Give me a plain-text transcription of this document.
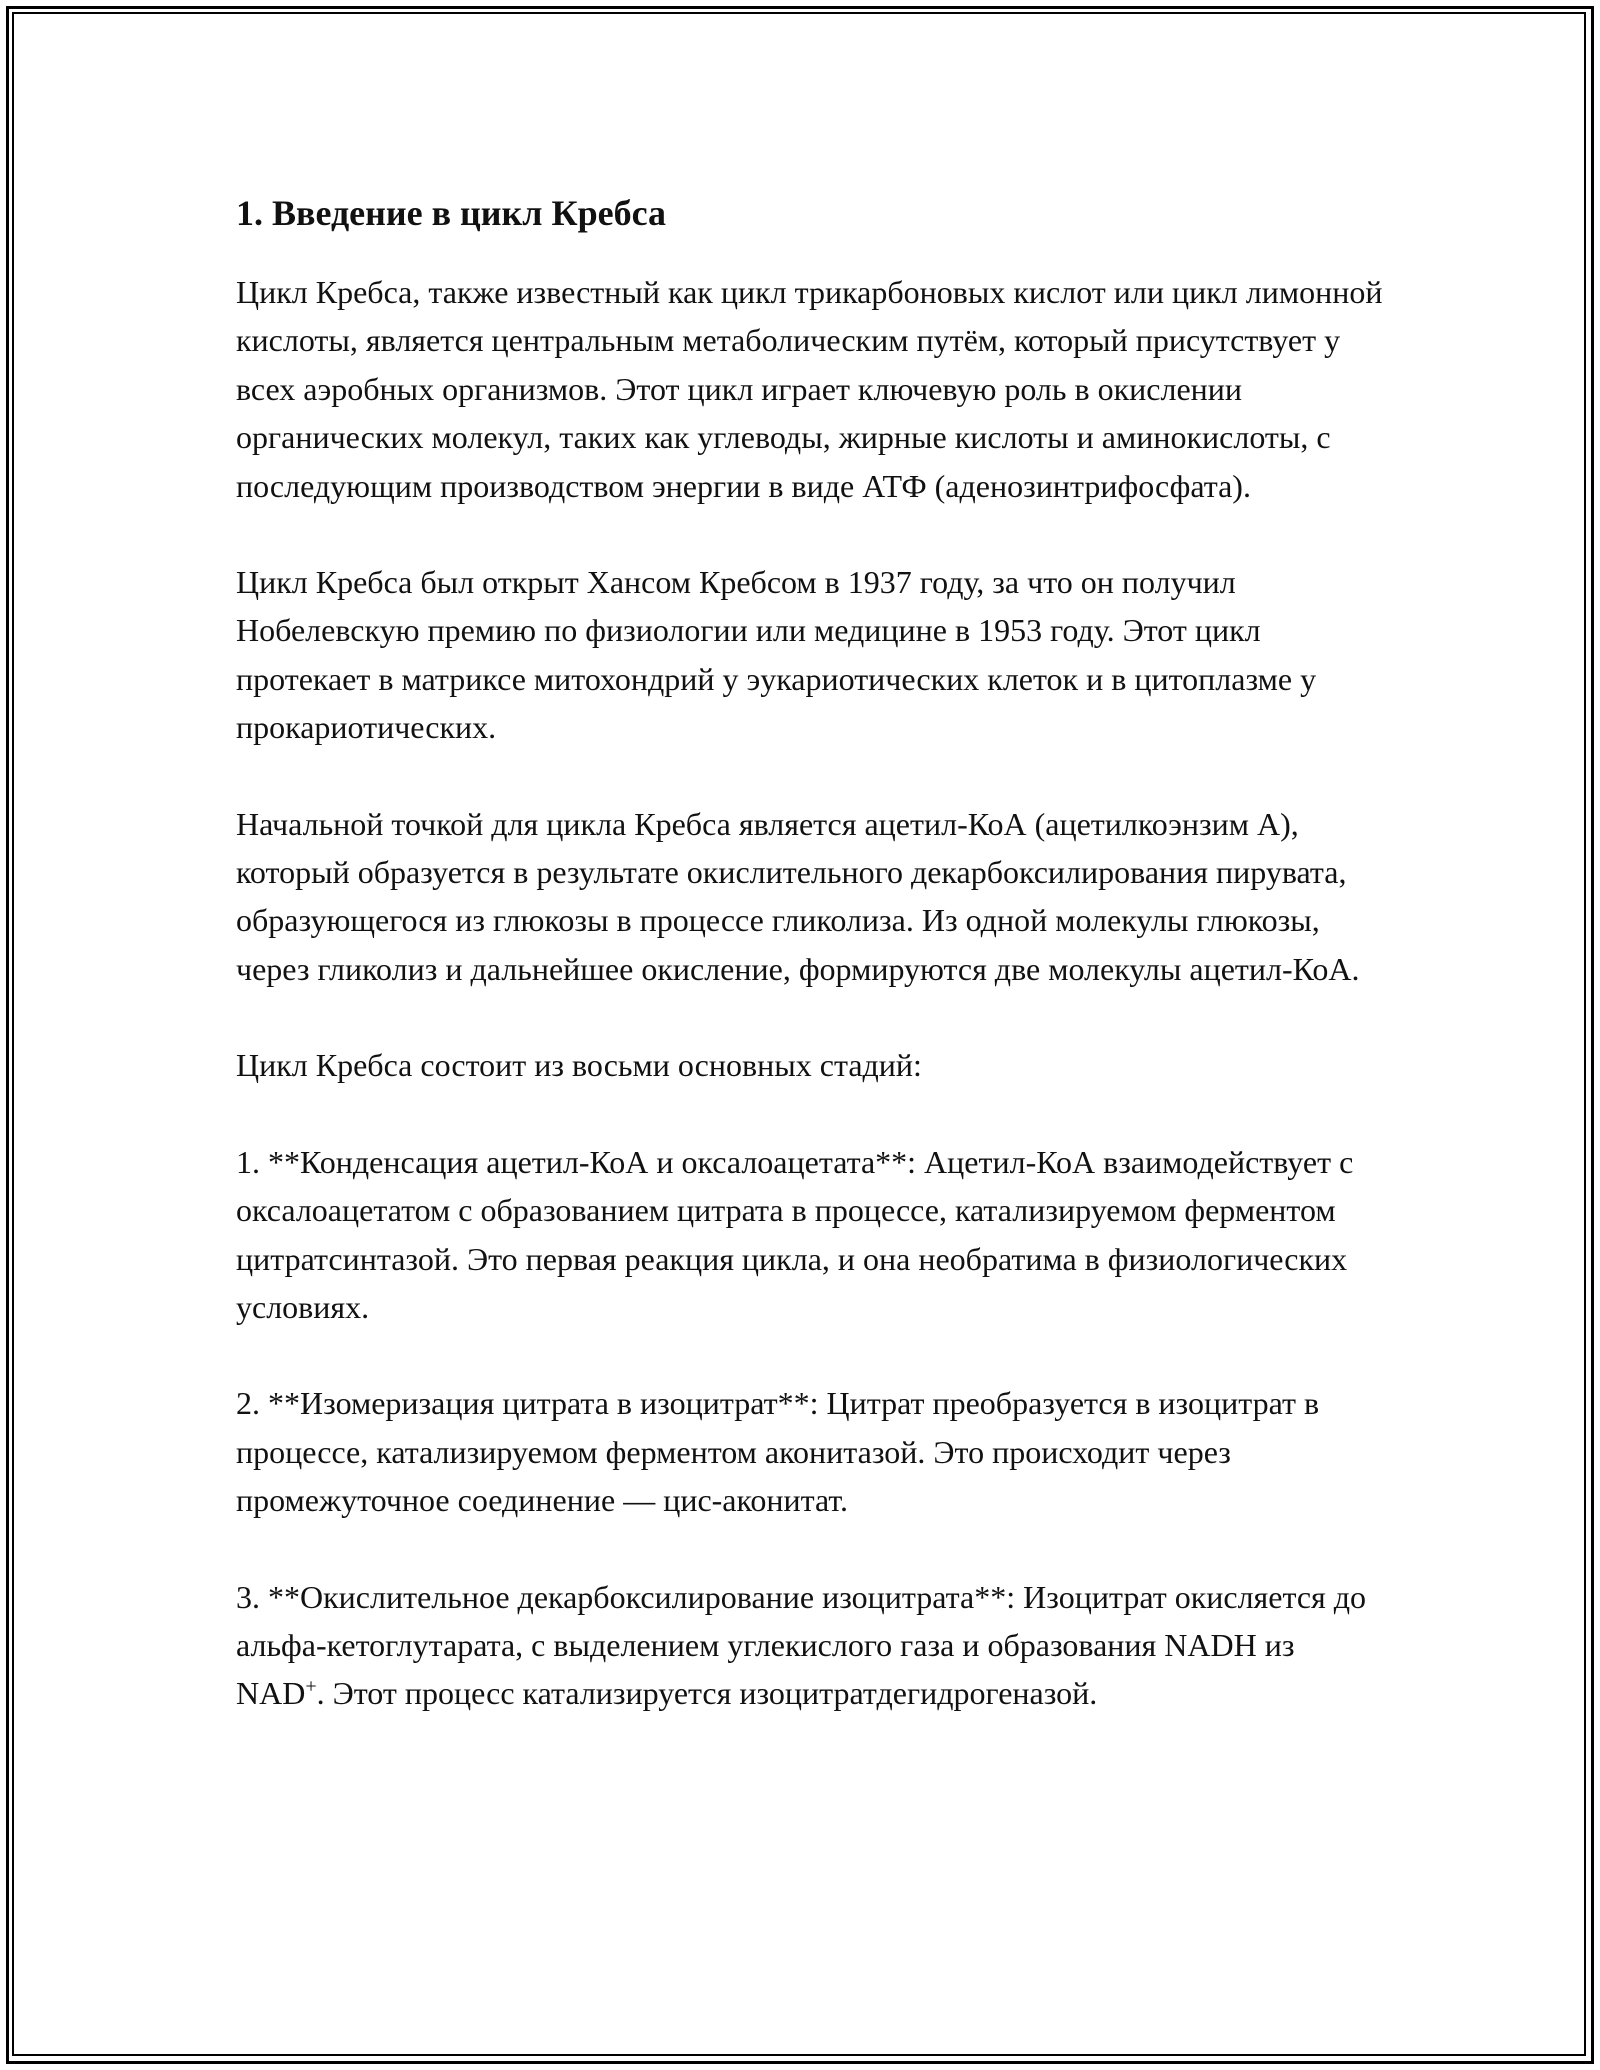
1. Введение в цикл Кребса

Цикл Кребса, также известный как цикл трикарбоновых кислот или цикл лимонной кислоты, является центральным метаболическим путём, который присутствует у всех аэробных организмов. Этот цикл играет ключевую роль в окислении органических молекул, таких как углеводы, жирные кислоты и аминокислоты, с последующим производством энергии в виде АТФ (аденозинтрифосфата).

Цикл Кребса был открыт Хансом Кребсом в 1937 году, за что он получил Нобелевскую премию по физиологии или медицине в 1953 году. Этот цикл протекает в матриксе митохондрий у эукариотических клеток и в цитоплазме у прокариотических.

Начальной точкой для цикла Кребса является ацетил-КоА (ацетилкоэнзим А), который образуется в результате окислительного декарбоксилирования пирувата, образующегося из глюкозы в процессе гликолиза. Из одной молекулы глюкозы, через гликолиз и дальнейшее окисление, формируются две молекулы ацетил-КоА.

Цикл Кребса состоит из восьми основных стадий:

1. **Конденсация ацетил-КоА и оксалоацетата**: Ацетил-КоА взаимодействует с оксалоацетатом с образованием цитрата в процессе, катализируемом ферментом цитратсинтазой. Это первая реакция цикла, и она необратима в физиологических условиях.

2. **Изомеризация цитрата в изоцитрат**: Цитрат преобразуется в изоцитрат в процессе, катализируемом ферментом аконитазой. Это происходит через промежуточное соединение — цис-аконитат.

3. **Окислительное декарбоксилирование изоцитрата**: Изоцитрат окисляется до альфа-кетоглутарата, с выделением углекислого газа и образования NADH из NAD+. Этот процесс катализируется изоцитратдегидрогеназой.
